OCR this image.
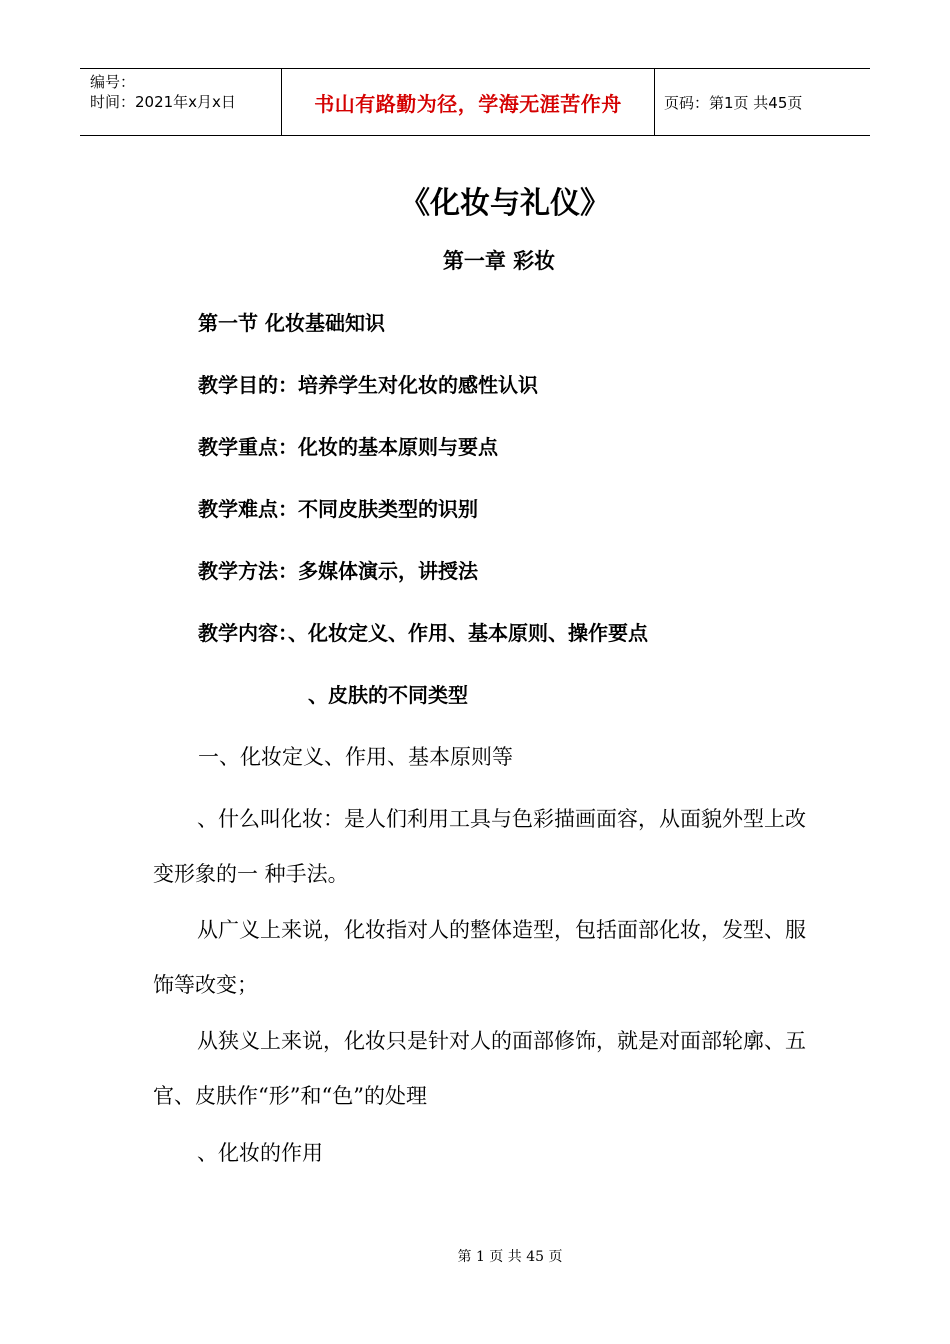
编号：
时间：2021年x月x日	书山有路勤为径，学海无涯苦作舟	页码：第1页 共45页
《化妆与礼仪》
第一章 彩妆
第一节 化妆基础知识
教学目的：培养学生对化妆的感性认识
教学重点：化妆的基本原则与要点
教学难点：不同皮肤类型的识别
教学方法：多媒体演示，讲授法
教学内容：、化妆定义、作用、基本原则、操作要点
、皮肤的不同类型
一、化妆定义、作用、基本原则等
、什么叫化妆：是人们利用工具与色彩描画面容，从面貌外型上改变形象的一 种手法。
从广义上来说，化妆指对人的整体造型，包括面部化妆，发型、服饰等改变；
从狭义上来说，化妆只是针对人的面部修饰，就是对面部轮廓、五官、皮肤作“形”和“色”的处理
、化妆的作用
第 1 页 共 45 页
